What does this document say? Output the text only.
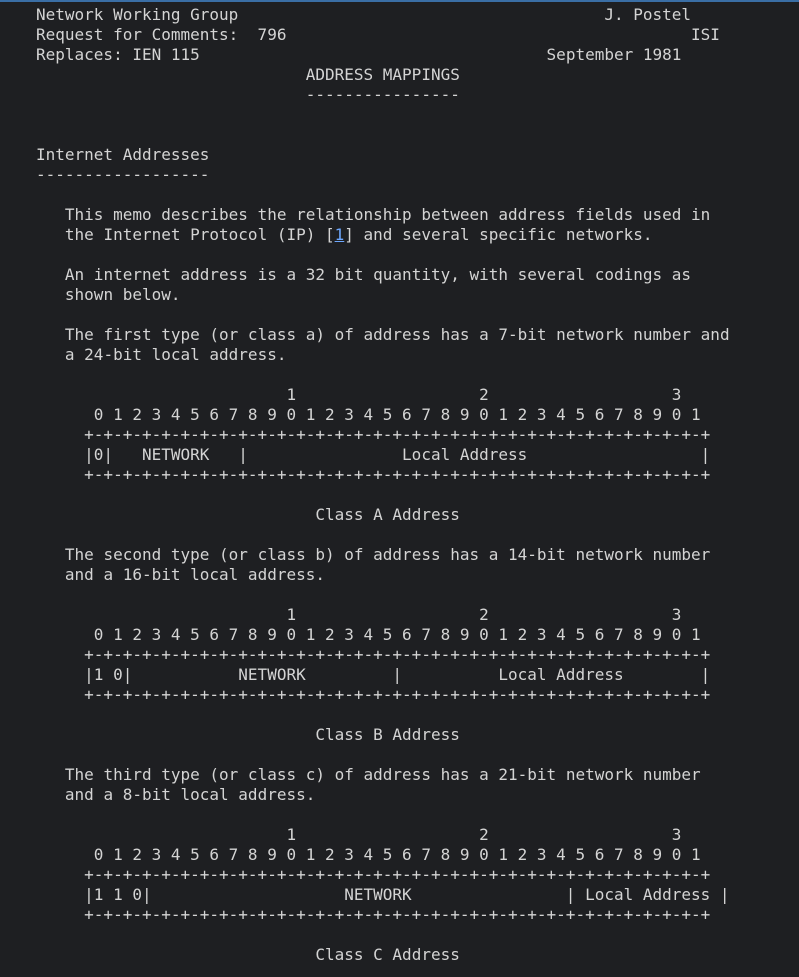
Network Working Group	J. Postel
Request for Comments:  796	ISI
Replaces: IEN 115	September 1981
ADDRESS MAPPINGS
----------------

Internet Addresses
------------------

This memo describes the relationship between address fields used in
the Internet Protocol (IP) [1] and several specific networks.

An internet address is a 32 bit quantity, with several codings as
shown below.

The first type (or class a) of address has a 7-bit network number and
a 24-bit local address.

1                   2                   3
0 1 2 3 4 5 6 7 8 9 0 1 2 3 4 5 6 7 8 9 0 1 2 3 4 5 6 7 8 9 0 1
+-+-+-+-+-+-+-+-+-+-+-+-+-+-+-+-+-+-+-+-+-+-+-+-+-+-+-+-+-+-+-+-+
|0|   NETWORK   |                Local Address                  |
+-+-+-+-+-+-+-+-+-+-+-+-+-+-+-+-+-+-+-+-+-+-+-+-+-+-+-+-+-+-+-+-+

Class A Address

The second type (or class b) of address has a 14-bit network number
and a 16-bit local address.

1                   2                   3
0 1 2 3 4 5 6 7 8 9 0 1 2 3 4 5 6 7 8 9 0 1 2 3 4 5 6 7 8 9 0 1
+-+-+-+-+-+-+-+-+-+-+-+-+-+-+-+-+-+-+-+-+-+-+-+-+-+-+-+-+-+-+-+-+
|1 0|           NETWORK         |          Local Address        |
+-+-+-+-+-+-+-+-+-+-+-+-+-+-+-+-+-+-+-+-+-+-+-+-+-+-+-+-+-+-+-+-+

Class B Address

The third type (or class c) of address has a 21-bit network number
and a 8-bit local address.

1                   2                   3
0 1 2 3 4 5 6 7 8 9 0 1 2 3 4 5 6 7 8 9 0 1 2 3 4 5 6 7 8 9 0 1
+-+-+-+-+-+-+-+-+-+-+-+-+-+-+-+-+-+-+-+-+-+-+-+-+-+-+-+-+-+-+-+-+
|1 1 0|                    NETWORK                | Local Address |
+-+-+-+-+-+-+-+-+-+-+-+-+-+-+-+-+-+-+-+-+-+-+-+-+-+-+-+-+-+-+-+-+

Class C Address
